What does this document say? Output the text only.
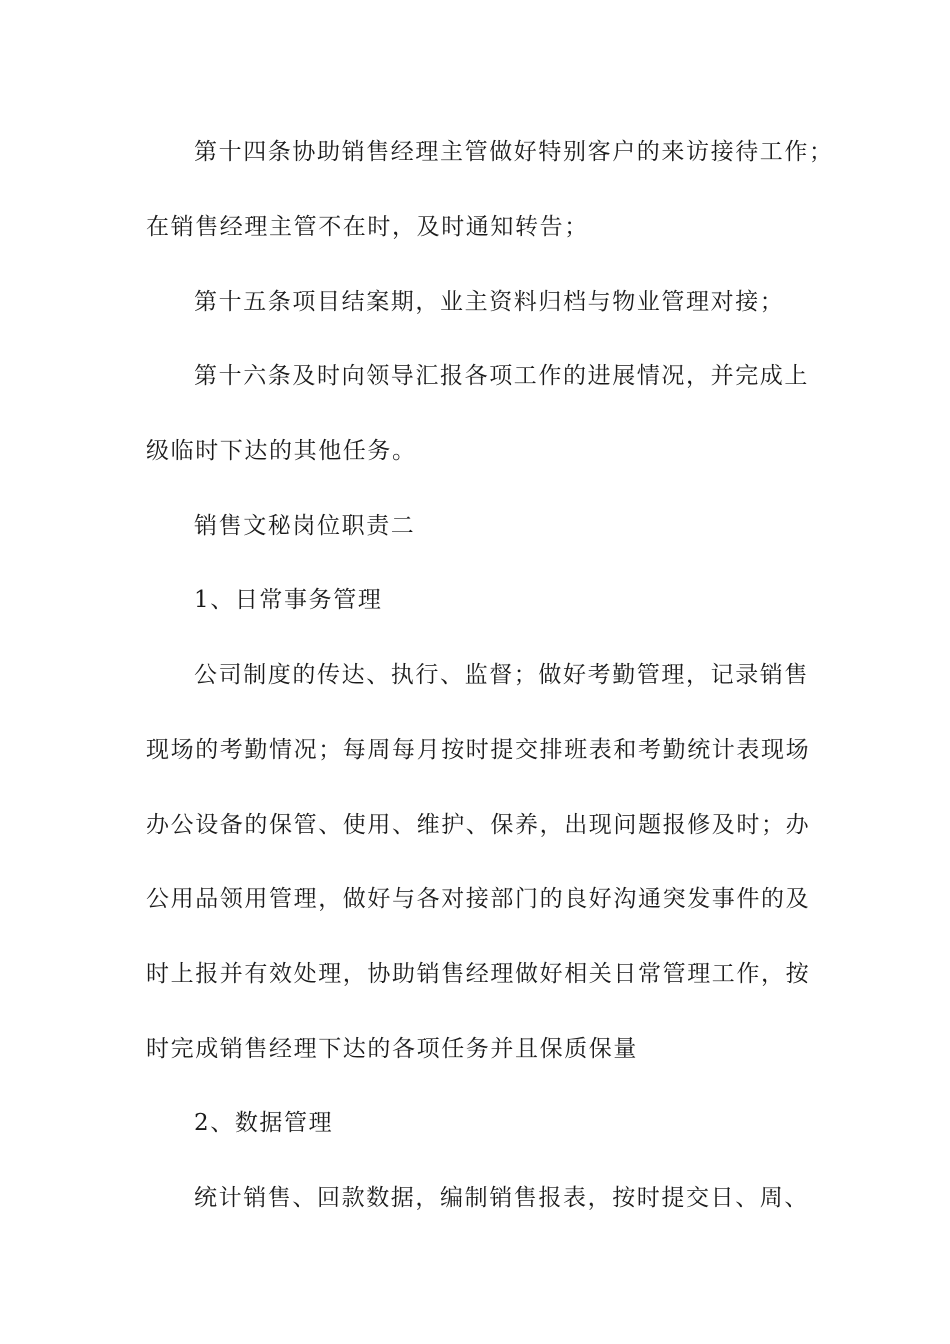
第十四条协助销售经理主管做好特别客户的来访接待工作；
在销售经理主管不在时，及时通知转告；
第十五条项目结案期，业主资料归档与物业管理对接；
第十六条及时向领导汇报各项工作的进展情况，并完成上
级临时下达的其他任务。
销售文秘岗位职责二
1、日常事务管理
公司制度的传达、执行、监督；做好考勤管理，记录销售
现场的考勤情况；每周每月按时提交排班表和考勤统计表现场
办公设备的保管、使用、维护、保养，出现问题报修及时；办
公用品领用管理，做好与各对接部门的良好沟通突发事件的及
时上报并有效处理，协助销售经理做好相关日常管理工作，按
时完成销售经理下达的各项任务并且保质保量
2、数据管理
统计销售、回款数据，编制销售报表，按时提交日、周、
